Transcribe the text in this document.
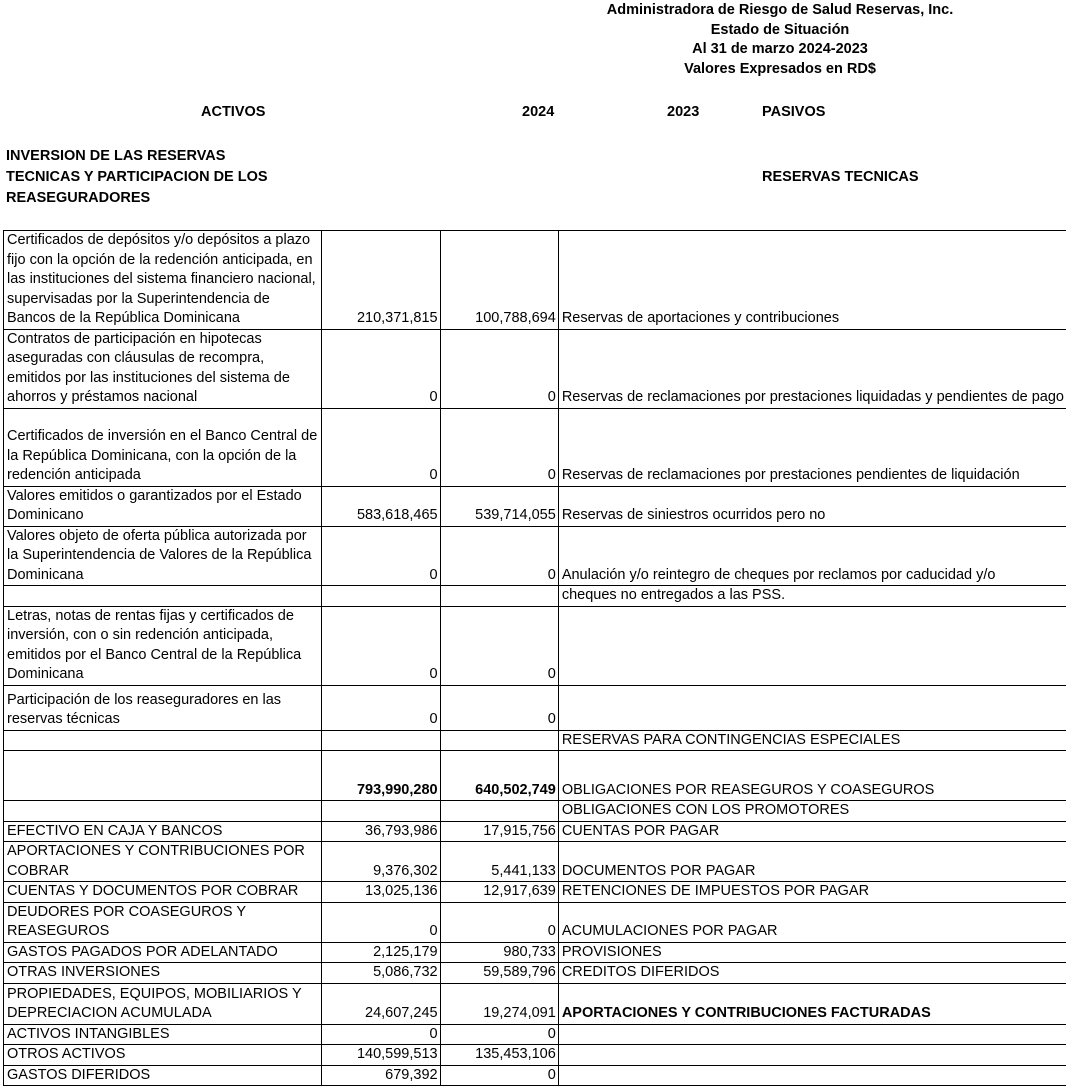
Administradora de Riesgo de Salud Reservas, Inc.
Estado de Situación
Al 31 de marzo 2024-2023
Valores Expresados en RD$
ACTIVOS	2024	2023	PASIVOS
INVERSION DE LAS RESERVAS
TECNICAS Y PARTICIPACION DE LOS
REASEGURADORES
RESERVAS TECNICAS
Certificados de depósitos y/o depósitos a plazo fijo con la opción de la redención anticipada, en las instituciones del sistema financiero nacional, supervisadas por la Superintendencia de Bancos de la República Dominicana	210,371,815	100,788,694	Reservas de aportaciones y contribuciones
Contratos de participación en hipotecas aseguradas con cláusulas de recompra, emitidos por las instituciones del sistema de ahorros y préstamos nacional	0	0	Reservas de reclamaciones por prestaciones liquidadas y pendientes de pago
Certificados de inversión en el Banco Central de la República Dominicana, con la opción de la redención anticipada	0	0	Reservas de reclamaciones por prestaciones pendientes de liquidación
Valores emitidos o garantizados por el Estado Dominicano	583,618,465	539,714,055	Reservas de siniestros ocurridos pero no
Valores objeto de oferta pública autorizada por la Superintendencia de Valores de la República Dominicana	0	0	Anulación y/o reintegro de cheques por reclamos por caducidad y/o
			cheques no entregados a las PSS.
Letras, notas de rentas fijas y certificados de inversión, con o sin redención anticipada, emitidos por el Banco Central de la República Dominicana	0	0	
Participación de los reaseguradores en las reservas técnicas	0	0	
			RESERVAS PARA CONTINGENCIAS ESPECIALES
	793,990,280	640,502,749	OBLIGACIONES POR REASEGUROS Y COASEGUROS
			OBLIGACIONES CON LOS PROMOTORES
EFECTIVO EN CAJA Y BANCOS	36,793,986	17,915,756	CUENTAS POR PAGAR
APORTACIONES Y CONTRIBUCIONES POR COBRAR	9,376,302	5,441,133	DOCUMENTOS POR PAGAR
CUENTAS Y DOCUMENTOS POR COBRAR	13,025,136	12,917,639	RETENCIONES DE IMPUESTOS POR PAGAR
DEUDORES POR COASEGUROS Y REASEGUROS	0	0	ACUMULACIONES POR PAGAR
GASTOS PAGADOS POR ADELANTADO	2,125,179	980,733	PROVISIONES
OTRAS INVERSIONES	5,086,732	59,589,796	CREDITOS DIFERIDOS
PROPIEDADES, EQUIPOS, MOBILIARIOS Y DEPRECIACION ACUMULADA	24,607,245	19,274,091	APORTACIONES Y CONTRIBUCIONES FACTURADAS
ACTIVOS INTANGIBLES	0	0	
OTROS ACTIVOS	140,599,513	135,453,106	
GASTOS DIFERIDOS	679,392	0	
